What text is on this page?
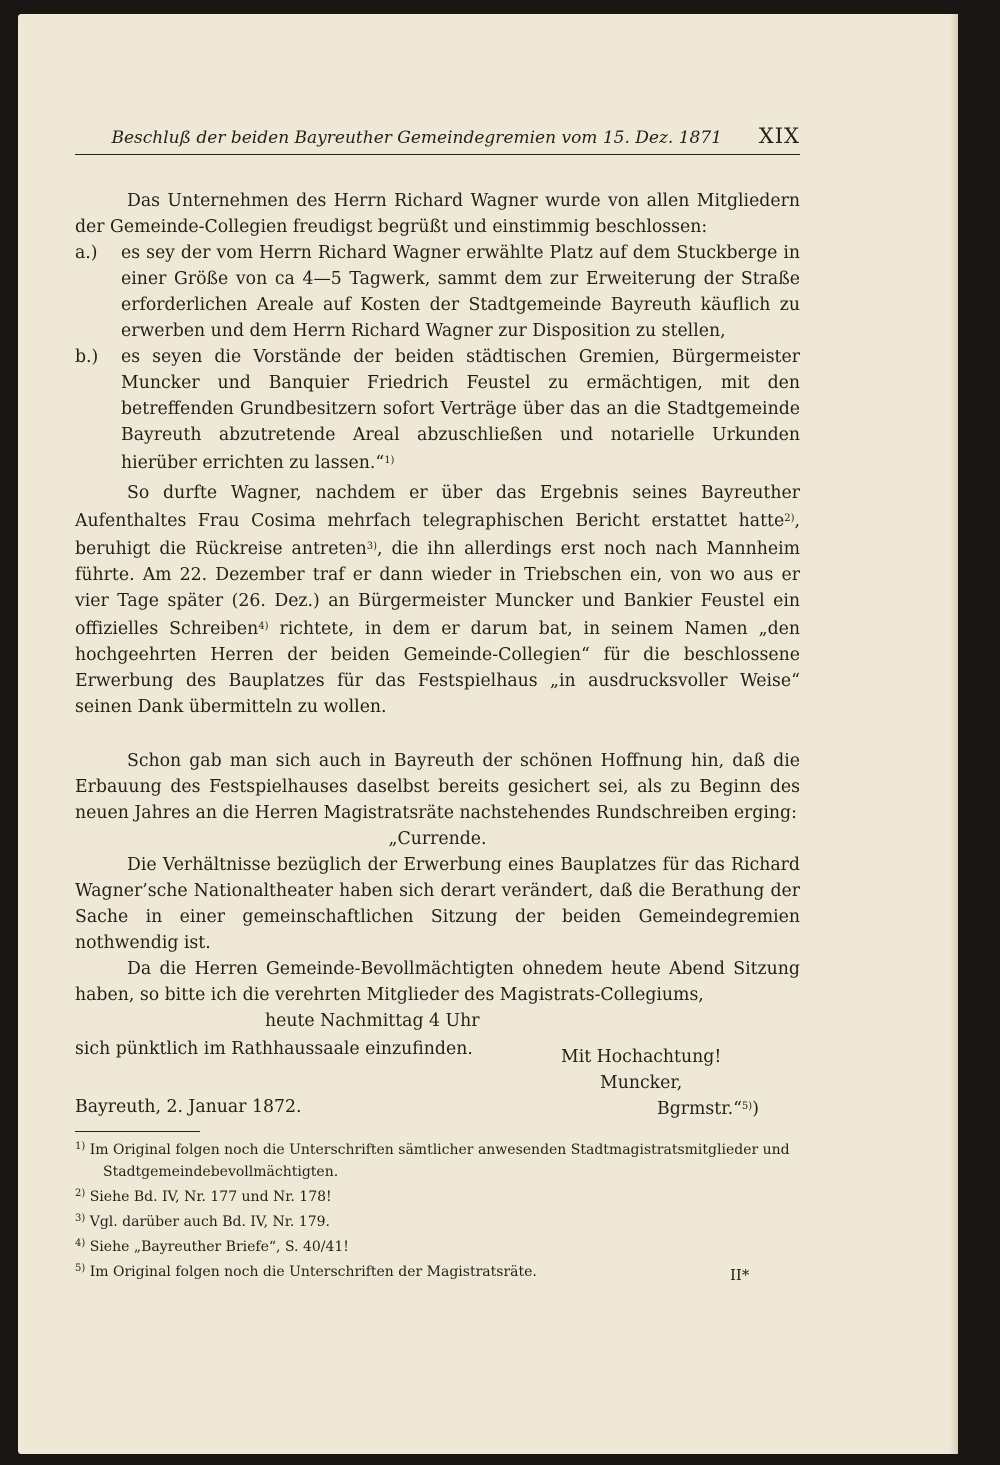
Beschluß der beiden Bayreuther Gemeindegremien vom 15. Dez. 1871 XIX

Das Unternehmen des Herrn Richard Wagner wurde von allen Mitgliedern der Gemeinde-Collegien freudigst begrüßt und einstimmig beschlossen:

a.)	es sey der vom Herrn Richard Wagner erwählte Platz auf dem Stuckberge in einer Größe von ca 4—5 Tagwerk, sammt dem zur Erweiterung der Straße erforderlichen Areale auf Kosten der Stadtgemeinde Bayreuth käuflich zu erwerben und dem Herrn Richard Wagner zur Disposition zu stellen,
b.)	es seyen die Vorstände der beiden städtischen Gremien, Bürgermeister Muncker und Banquier Friedrich Feustel zu ermächtigen, mit den betreffenden Grundbesitzern sofort Verträge über das an die Stadtgemeinde Bayreuth abzutretende Areal abzuschließen und notarielle Urkunden hierüber errichten zu lassen.“$^{1)}$

So durfte Wagner, nachdem er über das Ergebnis seines Bayreuther Aufenthaltes Frau Cosima mehrfach telegraphischen Bericht erstattet hatte$^{2)}$, beruhigt die Rückreise antreten$^{3)}$, die ihn allerdings erst noch nach Mannheim führte. Am 22. Dezember traf er dann wieder in Triebschen ein, von wo aus er vier Tage später (26. Dez.) an Bürgermeister Muncker und Bankier Feustel ein offizielles Schreiben$^{4)}$ richtete, in dem er darum bat, in seinem Namen „den hochgeehrten Herren der beiden Gemeinde-Collegien“ für die beschlossene Erwerbung des Bauplatzes für das Festspielhaus „in ausdrucksvoller Weise“ seinen Dank übermitteln zu wollen.

Schon gab man sich auch in Bayreuth der schönen Hoffnung hin, daß die Erbauung des Festspielhauses daselbst bereits gesichert sei, als zu Beginn des neuen Jahres an die Herren Magistratsräte nachstehendes Rundschreiben erging:

„Currende.

Die Verhältnisse bezüglich der Erwerbung eines Bauplatzes für das Richard Wagner’sche Nationaltheater haben sich derart verändert, daß die Berathung der Sache in einer gemeinschaftlichen Sitzung der beiden Gemeindegremien nothwendig ist.

Da die Herren Gemeinde-Bevollmächtigten ohnedem heute Abend Sitzung haben, so bitte ich die verehrten Mitglieder des Magistrats-Collegiums,

heute Nachmittag 4 Uhr

sich pünktlich im Rathhaussaale einzufinden.	Mit Hochachtung!
Muncker,
Bayreuth, 2. Januar 1872.	Bgrmstr.“$^{5)}$)

$^{1)}$ Im Original folgen noch die Unterschriften sämtlicher anwesenden Stadtmagistratsmitglieder und Stadtgemeindebevollmächtigten.

$^{2)}$ Siehe Bd. IV, Nr. 177 und Nr. 178!

$^{3)}$ Vgl. darüber auch Bd. IV, Nr. 179.

$^{4)}$ Siehe „Bayreuther Briefe“, S. 40/41!

$^{5)}$ Im Original folgen noch die Unterschriften der Magistratsräte.	II*
